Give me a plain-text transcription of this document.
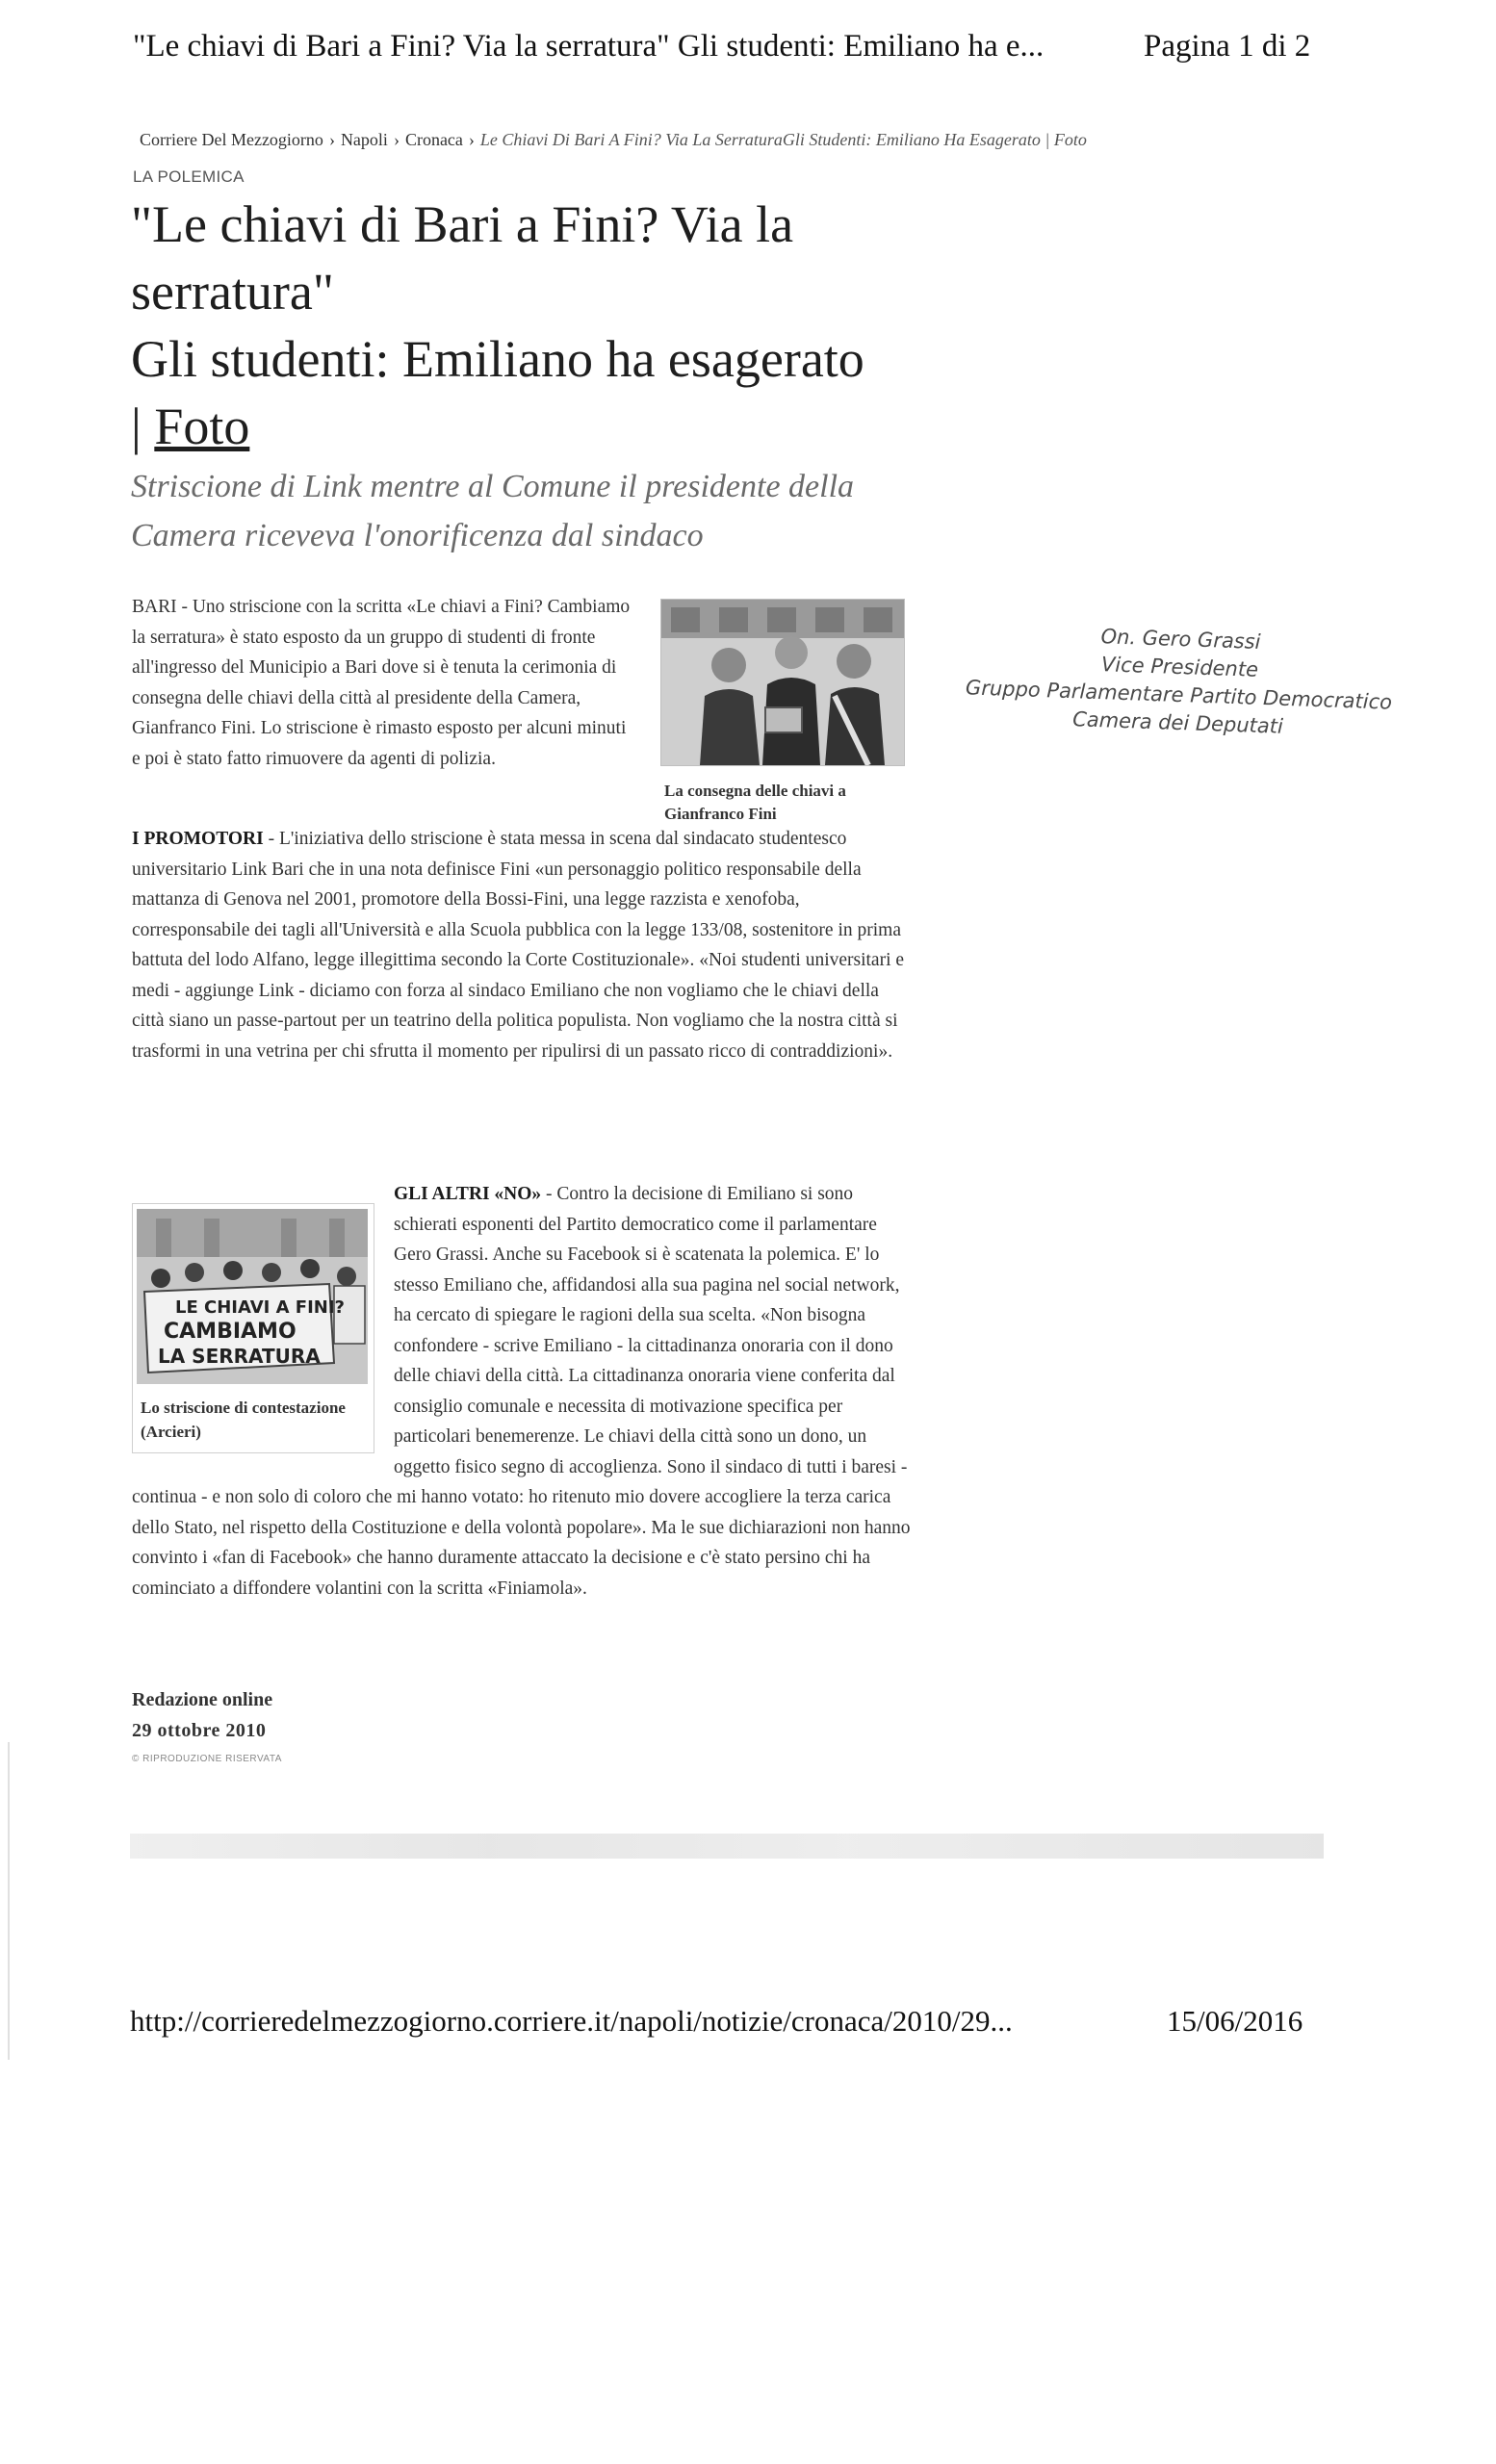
"Le chiavi di Bari a Fini? Via la serratura" Gli studenti: Emiliano ha e...	Pagina 1 di 2
Corriere Del Mezzogiorno › Napoli › Cronaca › Le Chiavi Di Bari A Fini? Via La SerraturaGli Studenti: Emiliano Ha Esagerato | Foto
LA POLEMICA
"Le chiavi di Bari a Fini? Via la
serratura"
Gli studenti: Emiliano ha esagerato
| Foto

Striscione di Link mentre al Comune il presidente della Camera riceveva l'onorificenza dal sindaco

BARI - Uno striscione con la scritta «Le chiavi a Fini? Cambiamo la serratura» è stato esposto da un gruppo di studenti di fronte all'ingresso del Municipio a Bari dove si è tenuta la cerimonia di consegna delle chiavi della città al presidente della Camera, Gianfranco Fini. Lo striscione è rimasto esposto per alcuni minuti e poi è stato fatto rimuovere da agenti di polizia.

La consegna delle chiavi a Gianfranco Fini
On. Gero Grassi
Vice Presidente
Gruppo Parlamentare Partito Democratico
Camera dei Deputati

I PROMOTORI - L'iniziativa dello striscione è stata messa in scena dal sindacato studentesco universitario Link Bari che in una nota definisce Fini «un personaggio politico responsabile della mattanza di Genova nel 2001, promotore della Bossi-Fini, una legge razzista e xenofoba, corresponsabile dei tagli all'Università e alla Scuola pubblica con la legge 133/08, sostenitore in prima battuta del lodo Alfano, legge illegittima secondo la Corte Costituzionale». «Noi studenti universitari e medi - aggiunge Link - diciamo con forza al sindaco Emiliano che non vogliamo che le chiavi della città siano un passe-partout per un teatrino della politica populista. Non vogliamo che la nostra città si trasformi in una vetrina per chi sfrutta il momento per ripulirsi di un passato ricco di contraddizioni».

GLI ALTRI «NO» - Contro la decisione di Emiliano si sono schierati esponenti del Partito democratico come il parlamentare Gero Grassi. Anche su Facebook si è scatenata la polemica. E' lo stesso Emiliano che, affidandosi alla sua pagina nel social network, ha cercato di spiegare le ragioni della sua scelta. «Non bisogna confondere - scrive Emiliano - la cittadinanza onoraria con il dono delle chiavi della città. La cittadinanza onoraria viene conferita dal consiglio comunale e necessita di motivazione specifica per particolari benemerenze. Le chiavi della città sono un dono, un oggetto fisico segno di accoglienza. Sono il sindaco di tutti i baresi - continua - e non solo di coloro che mi hanno votato: ho ritenuto mio dovere accogliere la terza carica dello Stato, nel rispetto della Costituzione e della volontà popolare». Ma le sue dichiarazioni non hanno convinto i «fan di Facebook» che hanno duramente attaccato la decisione e c'è stato persino chi ha cominciato a diffondere volantini con la scritta «Finiamola».

LE CHIAVI A FINI?
CAMBIAMO
LA SERRATURA
Lo striscione di contestazione (Arcieri)
Redazione online
29 ottobre 2010
© RIPRODUZIONE RISERVATA
http://corrieredelmezzogiorno.corriere.it/napoli/notizie/cronaca/2010/29...	15/06/2016
